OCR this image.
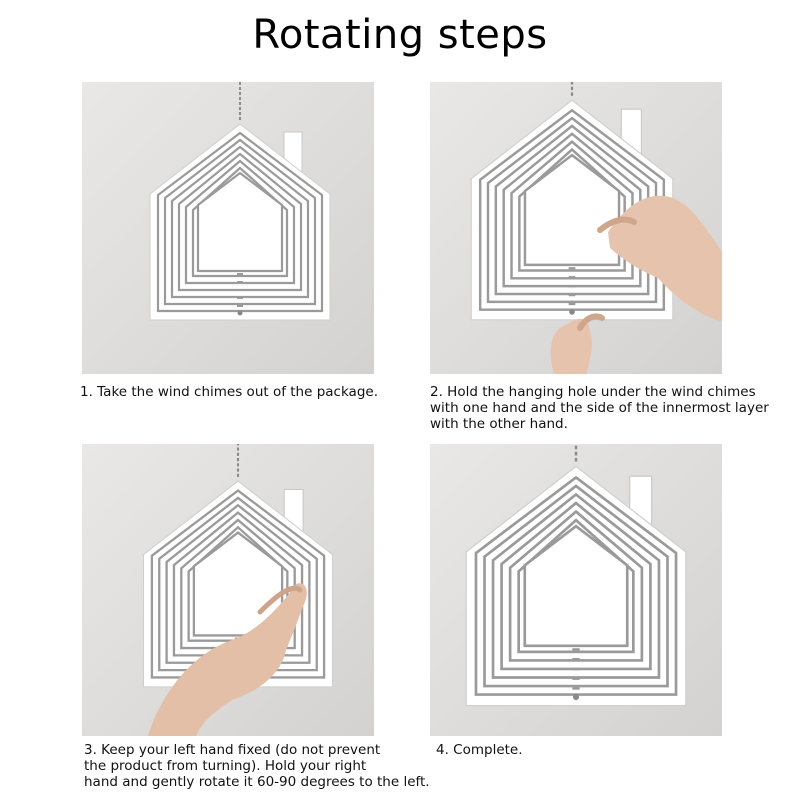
Rotating steps
1. Take the wind chimes out of the package.	2. Hold the hanging hole under the wind chimes
with one hand and the side of the innermost layer
with the other hand.
3. Keep your left hand fixed (do not prevent
the product from turning). Hold your right
hand and gently rotate it 60-90 degrees to the left.
4. Complete.
